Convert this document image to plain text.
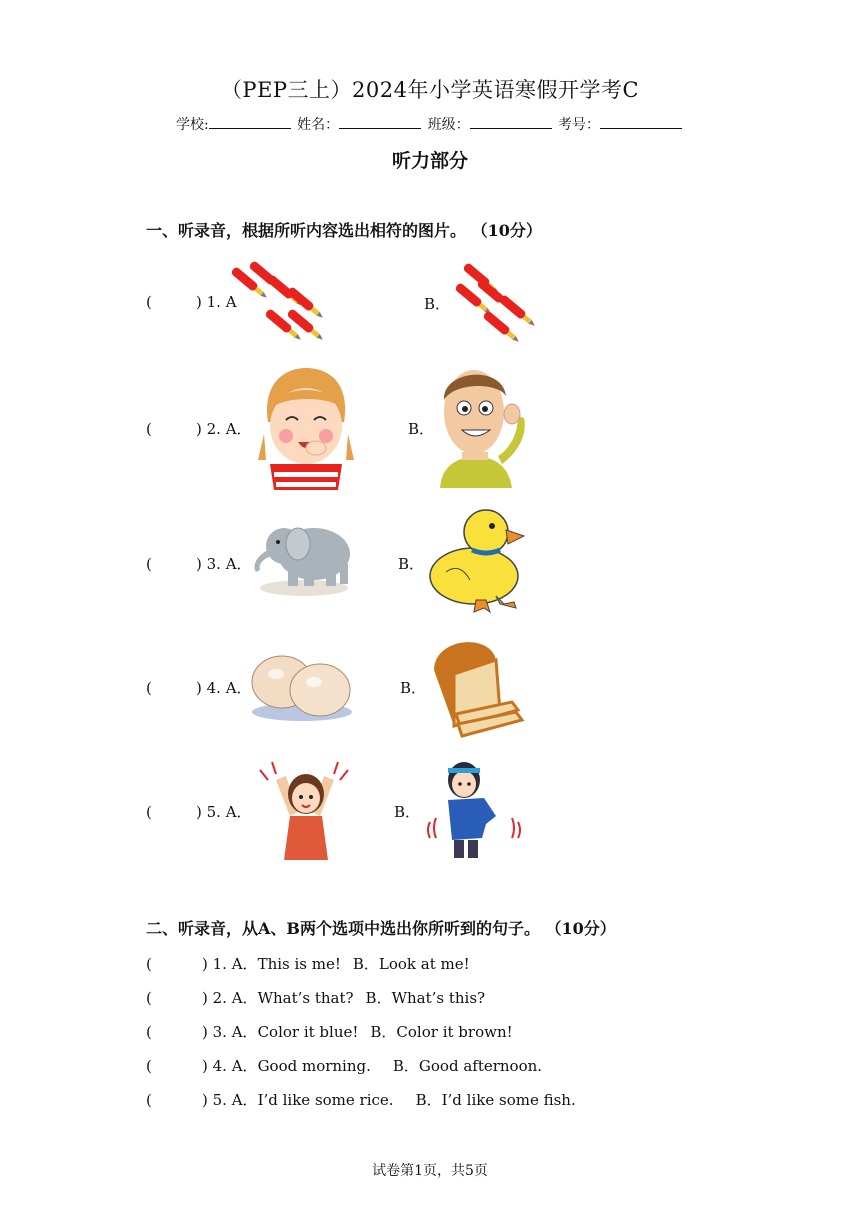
（PEP三上）2024年小学英语寒假开学考C
学校:	姓名：	班级：	考号：
听力部分
一、听录音，根据所听内容选出相符的图片。 （10分）
(	) 1. A	B．
(	) 2. A．	B．
(	) 3. A．	B．
(	) 4. A．	B．
(	) 5. A．	B．
二、听录音，从A、B两个选项中选出你所听到的句子。 （10分）
(	) 1. A．This is me! B．Look at me!
(	) 2. A．What’s that? B．What’s this?
(	) 3. A．Color it blue! B．Color it brown!
(	) 4. A．Good morning. B．Good afternoon.
(	) 5. A．I’d like some rice. B．I’d like some fish.
试卷第1页，共5页
